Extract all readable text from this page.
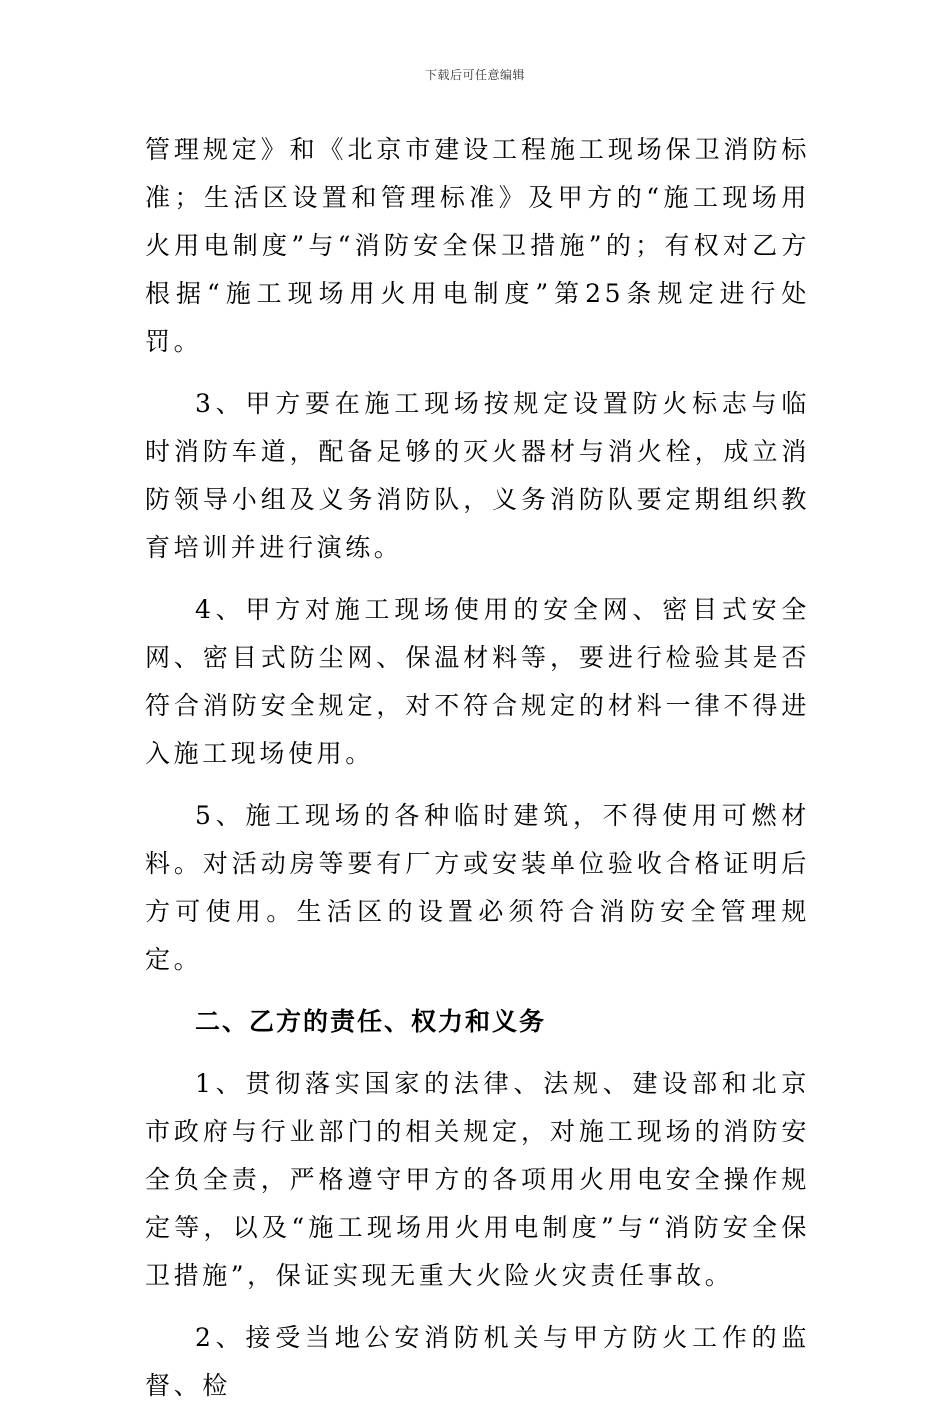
下载后可任意编辑

管理规定》和《北京市建设工程施工现场保卫消防标准；生活区设置和管理标准》及甲方的“施工现场用火用电制度”与“消防安全保卫措施”的；有权对乙方根据“施工现场用火用电制度”第25条规定进行处罚。

3、甲方要在施工现场按规定设置防火标志与临时消防车道，配备足够的灭火器材与消火栓，成立消防领导小组及义务消防队，义务消防队要定期组织教育培训并进行演练。

4、甲方对施工现场使用的安全网、密目式安全网、密目式防尘网、保温材料等，要进行检验其是否符合消防安全规定，对不符合规定的材料一律不得进入施工现场使用。

5、施工现场的各种临时建筑，不得使用可燃材料。对活动房等要有厂方或安装单位验收合格证明后方可使用。生活区的设置必须符合消防安全管理规定。

二、乙方的责任、权力和义务

1、贯彻落实国家的法律、法规、建设部和北京市政府与行业部门的相关规定，对施工现场的消防安全负全责，严格遵守甲方的各项用火用电安全操作规定等，以及“施工现场用火用电制度”与“消防安全保卫措施”，保证实现无重大火险火灾责任事故。

2、接受当地公安消防机关与甲方防火工作的监督、检
